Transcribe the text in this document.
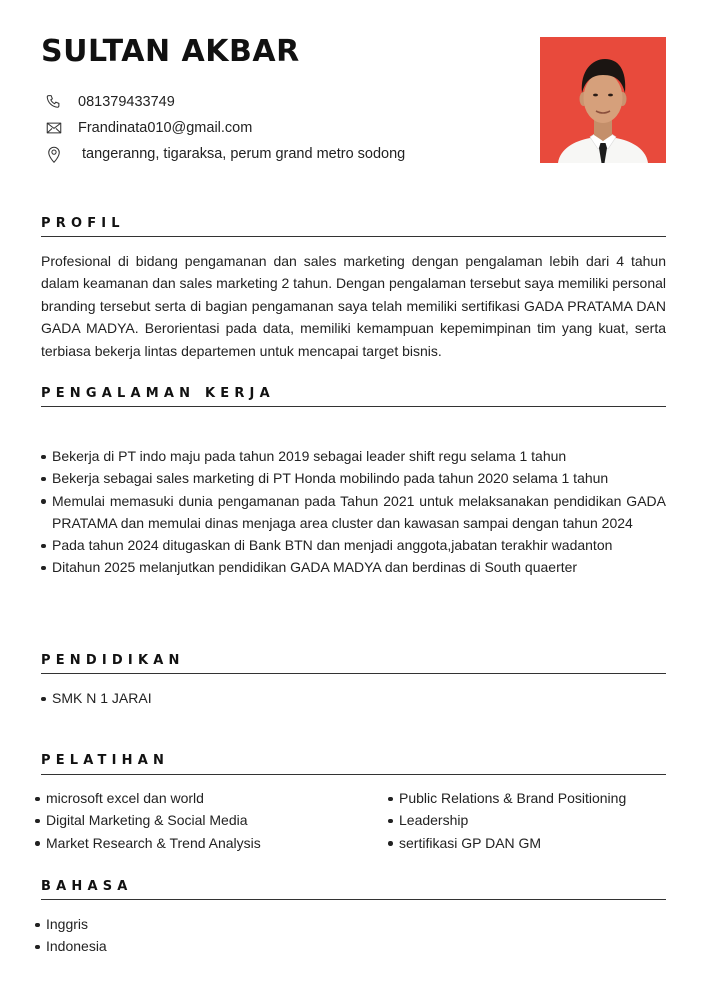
SULTAN AKBAR
081379433749
Frandinata010@gmail.com
tangeranng, tigaraksa, perum grand metro sodong
PROFIL

Profesional di bidang pengamanan dan sales marketing dengan pengalaman lebih dari 4 tahun dalam keamanan dan sales marketing 2 tahun. Dengan pengalaman tersebut saya memiliki personal branding tersebut serta di bagian pengamanan saya telah memiliki sertifikasi GADA PRATAMA DAN GADA MADYA. Berorientasi pada data, memiliki kemampuan kepemimpinan tim yang kuat, serta terbiasa bekerja lintas departemen untuk mencapai target bisnis.

PENGALAMAN KERJA
Bekerja di PT indo maju pada tahun 2019 sebagai leader shift regu selama 1 tahun
Bekerja sebagai sales marketing di PT Honda mobilindo pada tahun 2020 selama 1 tahun
Memulai memasuki dunia pengamanan pada Tahun 2021 untuk melaksanakan pendidikan GADA PRATAMA dan memulai dinas menjaga area cluster dan kawasan sampai dengan tahun 2024
Pada tahun 2024 ditugaskan di Bank BTN dan menjadi anggota,jabatan terakhir wadanton
Ditahun 2025 melanjutkan pendidikan GADA MADYA dan berdinas di South quaerter
PENDIDIKAN
SMK N 1 JARAI
PELATIHAN
microsoft excel dan world
Digital Marketing & Social Media
Market Research & Trend Analysis
Public Relations & Brand Positioning
Leadership
sertifikasi GP DAN GM
BAHASA
Inggris
Indonesia
